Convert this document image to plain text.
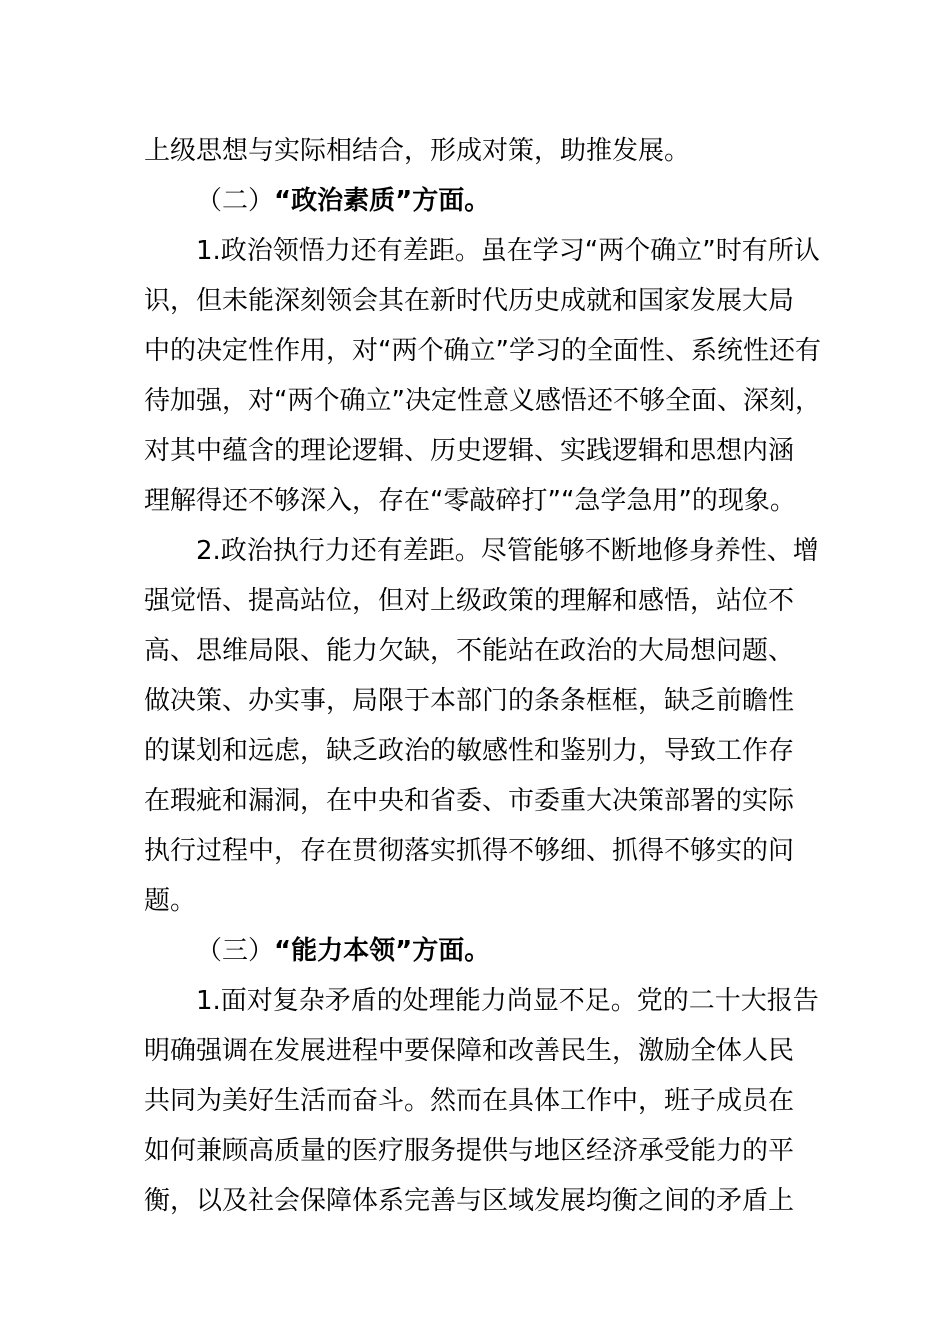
上级思想与实际相结合，形成对策，助推发展。
（二）“政治素质”方面。
1.政治领悟力还有差距。虽在学习“两个确立”时有所认
识，但未能深刻领会其在新时代历史成就和国家发展大局
中的决定性作用，对“两个确立”学习的全面性、系统性还有
待加强，对“两个确立”决定性意义感悟还不够全面、深刻，
对其中蕴含的理论逻辑、历史逻辑、实践逻辑和思想内涵
理解得还不够深入，存在“零敲碎打”“急学急用”的现象。
2.政治执行力还有差距。尽管能够不断地修身养性、增
强觉悟、提高站位，但对上级政策的理解和感悟，站位不
高、思维局限、能力欠缺，不能站在政治的大局想问题、
做决策、办实事，局限于本部门的条条框框，缺乏前瞻性
的谋划和远虑，缺乏政治的敏感性和鉴别力，导致工作存
在瑕疵和漏洞，在中央和省委、市委重大决策部署的实际
执行过程中，存在贯彻落实抓得不够细、抓得不够实的问
题。
（三）“能力本领”方面。
1.面对复杂矛盾的处理能力尚显不足。党的二十大报告
明确强调在发展进程中要保障和改善民生，激励全体人民
共同为美好生活而奋斗。然而在具体工作中，班子成员在
如何兼顾高质量的医疗服务提供与地区经济承受能力的平
衡，以及社会保障体系完善与区域发展均衡之间的矛盾上
